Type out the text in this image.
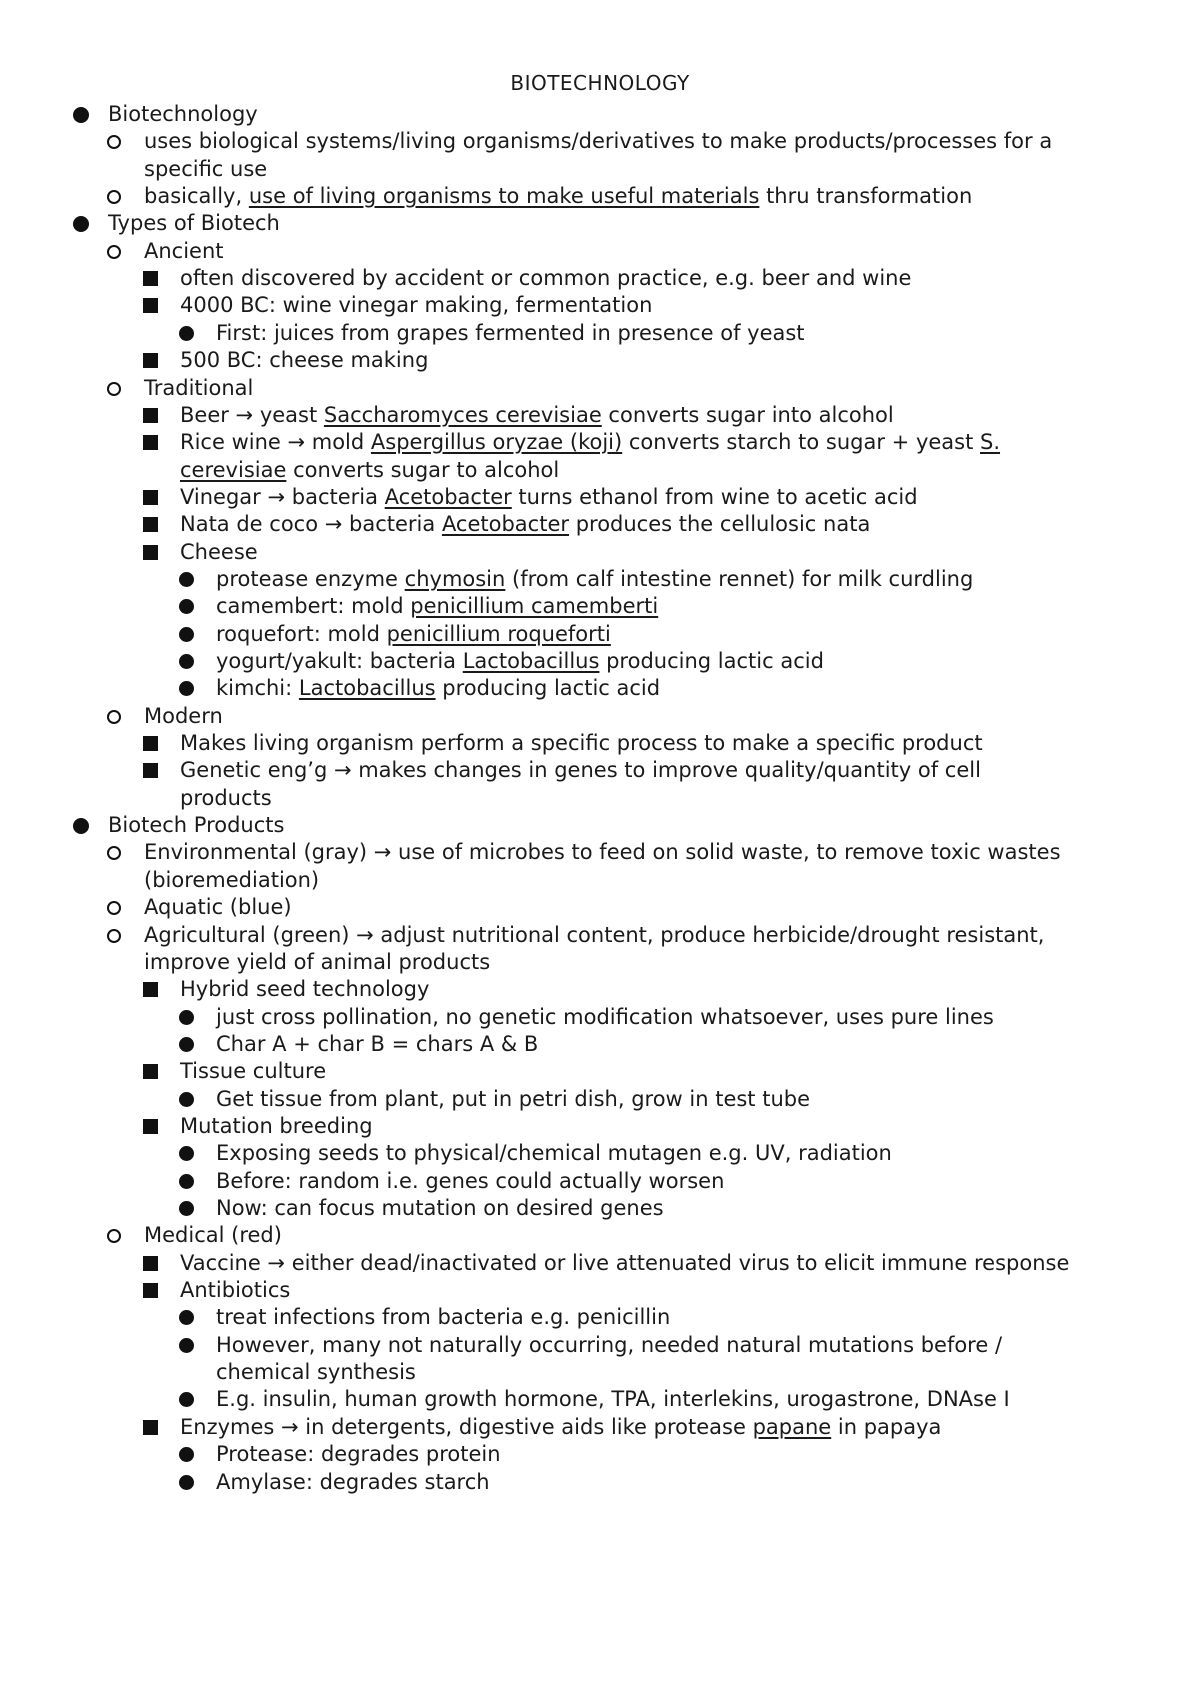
BIOTECHNOLOGY
Biotechnology
uses biological systems/living organisms/derivatives to make products/processes for a
specific use
basically, use of living organisms to make useful materials thru transformation
Types of Biotech
Ancient
often discovered by accident or common practice, e.g. beer and wine
4000 BC: wine vinegar making, fermentation
First: juices from grapes fermented in presence of yeast
500 BC: cheese making
Traditional
Beer → yeast Saccharomyces cerevisiae converts sugar into alcohol
Rice wine → mold Aspergillus oryzae (koji) converts starch to sugar + yeast S.
cerevisiae converts sugar to alcohol
Vinegar → bacteria Acetobacter turns ethanol from wine to acetic acid
Nata de coco → bacteria Acetobacter produces the cellulosic nata
Cheese
protease enzyme chymosin (from calf intestine rennet) for milk curdling
camembert: mold penicillium camemberti
roquefort: mold penicillium roqueforti
yogurt/yakult: bacteria Lactobacillus producing lactic acid
kimchi: Lactobacillus producing lactic acid
Modern
Makes living organism perform a specific process to make a specific product
Genetic eng’g → makes changes in genes to improve quality/quantity of cell
products
Biotech Products
Environmental (gray) → use of microbes to feed on solid waste, to remove toxic wastes
(bioremediation)
Aquatic (blue)
Agricultural (green) → adjust nutritional content, produce herbicide/drought resistant,
improve yield of animal products
Hybrid seed technology
just cross pollination, no genetic modification whatsoever, uses pure lines
Char A + char B = chars A & B
Tissue culture
Get tissue from plant, put in petri dish, grow in test tube
Mutation breeding
Exposing seeds to physical/chemical mutagen e.g. UV, radiation
Before: random i.e. genes could actually worsen
Now: can focus mutation on desired genes
Medical (red)
Vaccine → either dead/inactivated or live attenuated virus to elicit immune response
Antibiotics
treat infections from bacteria e.g. penicillin
However, many not naturally occurring, needed natural mutations before /
chemical synthesis
E.g. insulin, human growth hormone, TPA, interlekins, urogastrone, DNAse I
Enzymes → in detergents, digestive aids like protease papane in papaya
Protease: degrades protein
Amylase: degrades starch
